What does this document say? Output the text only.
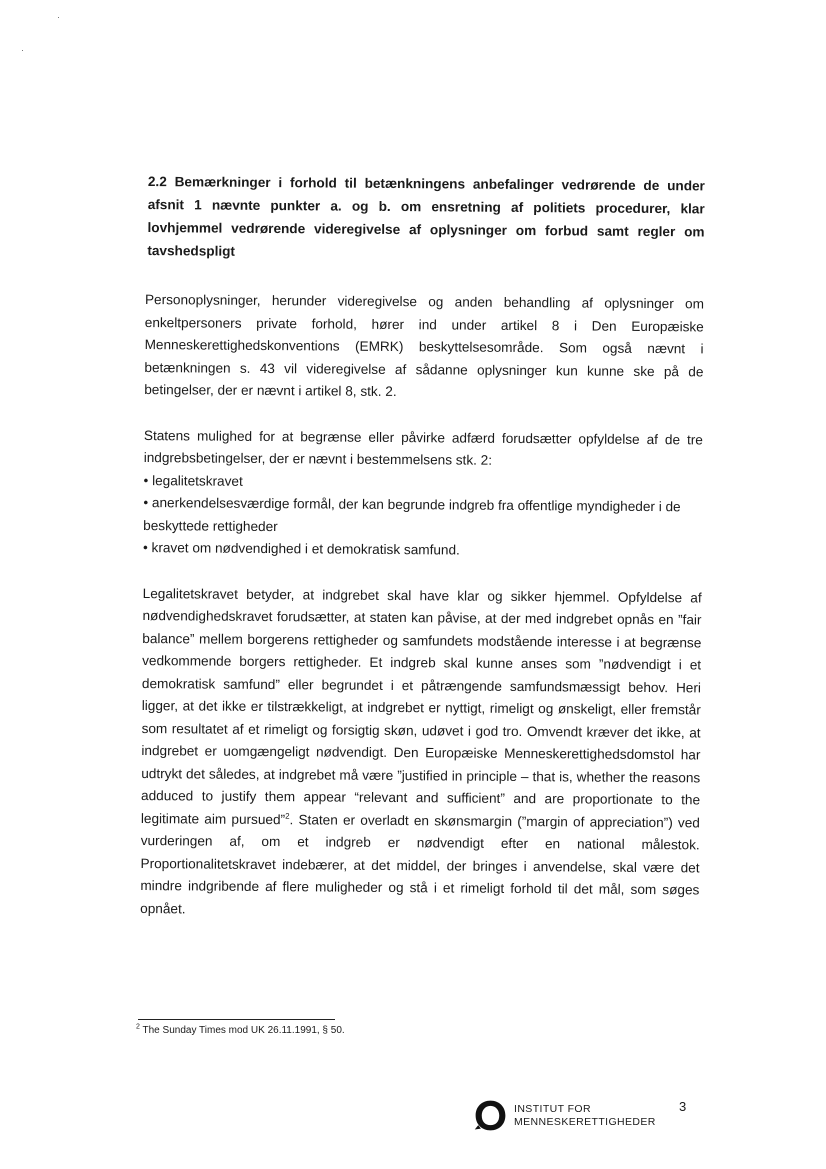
2.2 Bemærkninger i forhold til betænkningens anbefalinger vedrørende de under afsnit 1 nævnte punkter a. og b. om ensretning af politiets procedurer, klar lovhjemmel vedrørende videregivelse af oplysninger om forbud samt regler om tavshedspligt

Personoplysninger, herunder videregivelse og anden behandling af oplysninger om enkeltpersoners private forhold, hører ind under artikel 8 i Den Europæiske Menneskerettighedskonventions (EMRK) beskyttelsesområde. Som også nævnt i betænkningen s. 43 vil videregivelse af sådanne oplysninger kun kunne ske på de betingelser, der er nævnt i artikel 8, stk. 2.

Statens mulighed for at begrænse eller påvirke adfærd forudsætter opfyldelse af de tre indgrebsbetingelser, der er nævnt i bestemmelsens stk. 2:

• legalitetskravet
• anerkendelsesværdige formål, der kan begrunde indgreb fra offentlige myndigheder i de beskyttede rettigheder
• kravet om nødvendighed i et demokratisk samfund.

Legalitetskravet betyder, at indgrebet skal have klar og sikker hjemmel. Opfyldelse af nødvendighedskravet forudsætter, at staten kan påvise, at der med indgrebet opnås en ”fair balance” mellem borgerens rettigheder og samfundets modstående interesse i at begrænse vedkommende borgers rettigheder. Et indgreb skal kunne anses som ”nødvendigt i et demokratisk samfund” eller begrundet i et påtrængende samfundsmæssigt behov. Heri ligger, at det ikke er tilstrækkeligt, at indgrebet er nyttigt, rimeligt og ønskeligt, eller fremstår som resultatet af et rimeligt og forsigtig skøn, udøvet i god tro. Omvendt kræver det ikke, at indgrebet er uomgængeligt nødvendigt. Den Europæiske Menneskerettighedsdomstol har udtrykt det således, at indgrebet må være ”justified in principle – that is, whether the reasons adduced to justify them appear “relevant and sufficient” and are proportionate to the legitimate aim pursued”$^2$. Staten er overladt en skønsmargin (”margin of appreciation”) ved vurderingen af, om et indgreb er nødvendigt efter en national målestok. Proportionalitetskravet indebærer, at det middel, der bringes i anvendelse, skal være det mindre indgribende af flere muligheder og stå i et rimeligt forhold til det mål, som søges opnået.

$^2$ The Sunday Times mod UK 26.11.1991, § 50.
INSTITUT FOR
MENNESKERETTIGHEDER
3
